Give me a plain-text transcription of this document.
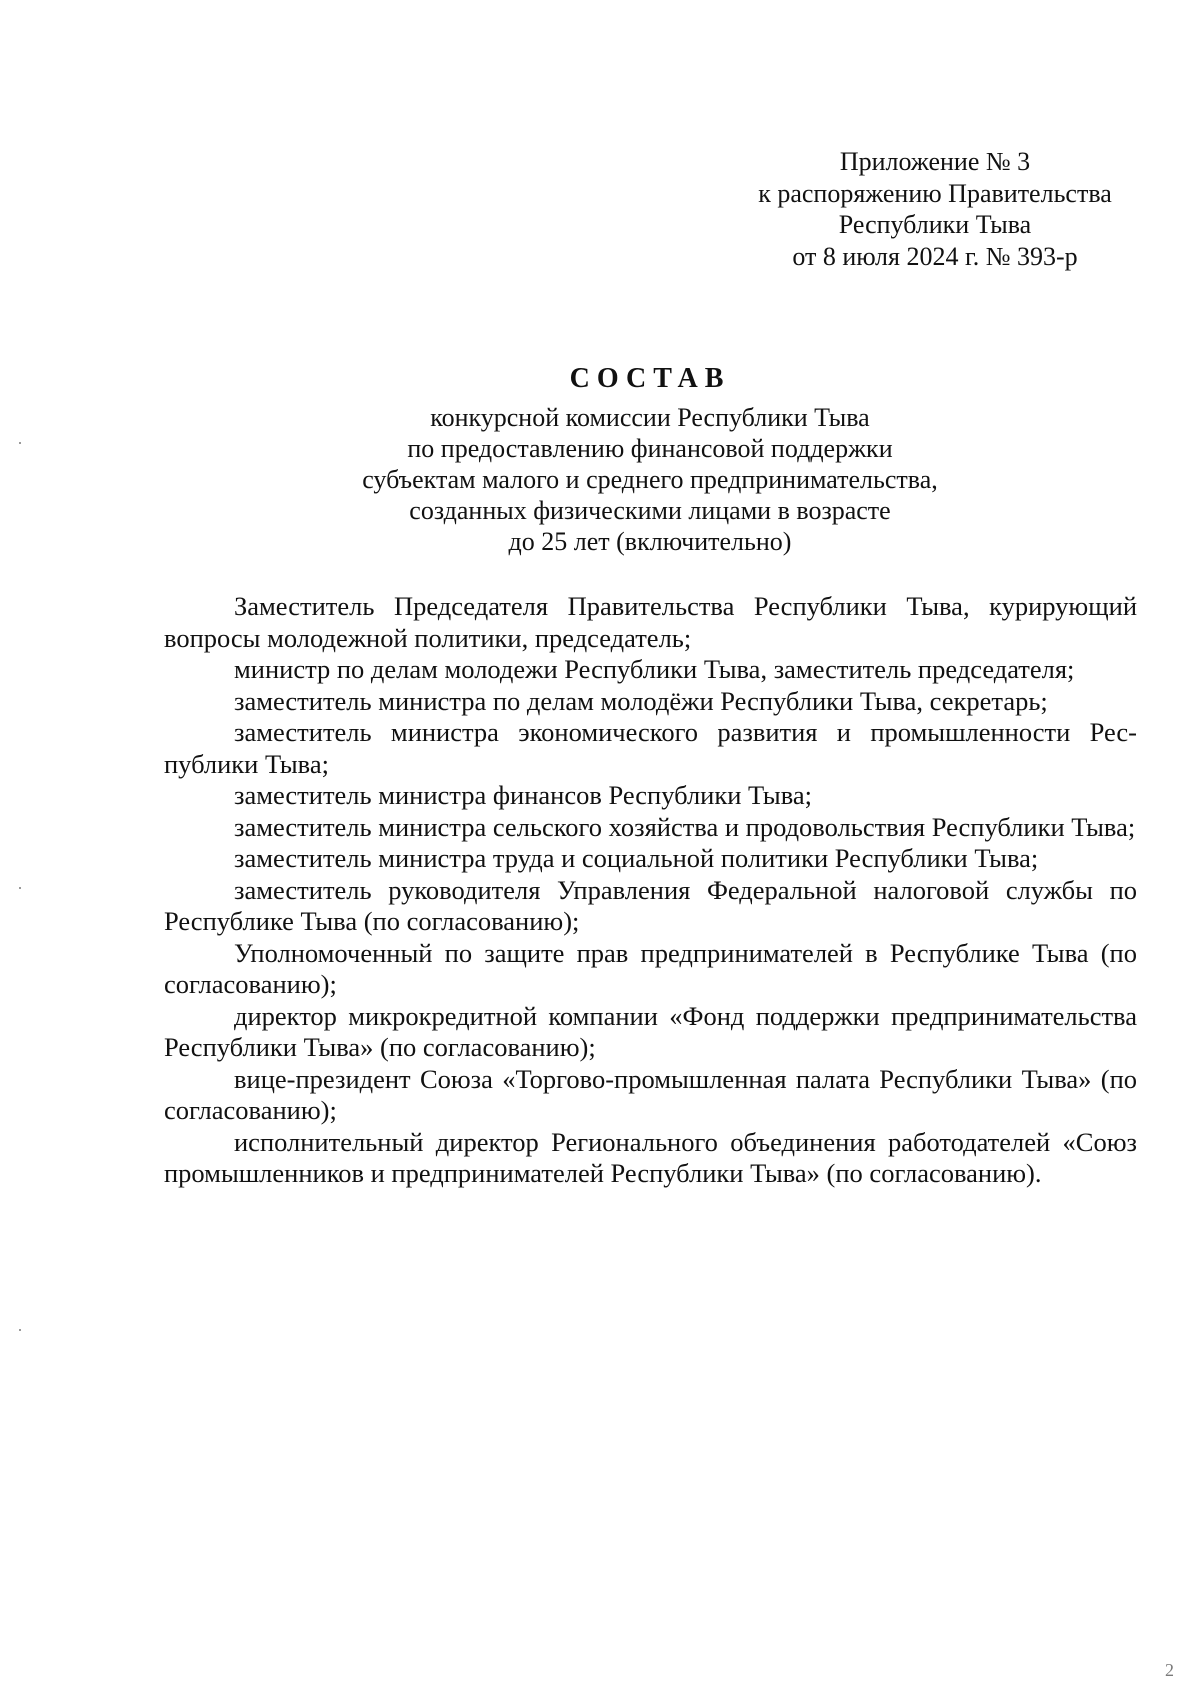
Приложение № 3
к распоряжению Правительства
Республики Тыва
от 8 июля 2024 г. № 393-р
СОСТАВ
конкурсной комиссии Республики Тыва
по предоставлению финансовой поддержки
субъектам малого и среднего предпринимательства,
созданных физическими лицами в возрасте
до 25 лет (включительно)

Заместитель Председателя Правительства Республики Тыва, курирующий вопросы молодежной политики, председатель;

министр по делам молодежи Республики Тыва, заместитель председателя;

заместитель министра по делам молодёжи Республики Тыва, секретарь;

заместитель министра экономического развития и промышленности Республики Тыва;

заместитель министра финансов Республики Тыва;

заместитель министра сельского хозяйства и продовольствия Республики Тыва;

заместитель министра труда и социальной политики Республики Тыва;

заместитель руководителя Управления Федеральной налоговой службы по Республике Тыва (по согласованию);

Уполномоченный по защите прав предпринимателей в Республике Тыва (по согласованию);

директор микрокредитной компании «Фонд поддержки предпринимательства Республики Тыва» (по согласованию);

вице-президент Союза «Торгово-промышленная палата Республики Тыва» (по согласованию);

исполнительный директор Регионального объединения работодателей «Союз промышленников и предпринимателей Республики Тыва» (по согласованию).

2
